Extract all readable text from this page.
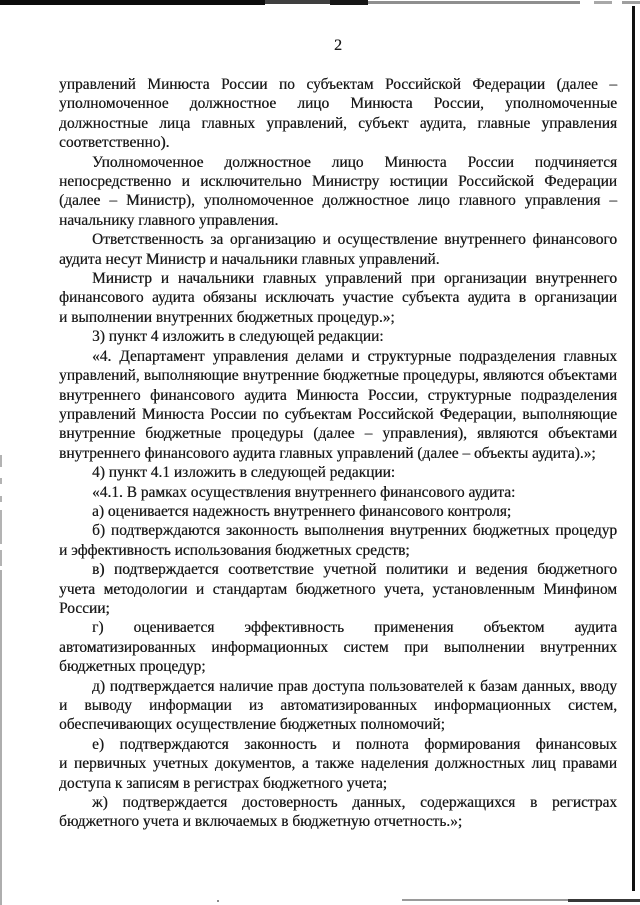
2
управлений Минюста России по субъектам Российской Федерации (далее –
уполномоченное должностное лицо Минюста России, уполномоченные
должностные лица главных управлений, субъект аудита, главные управления
соответственно).
Уполномоченное должностное лицо Минюста России подчиняется
непосредственно и исключительно Министру юстиции Российской Федерации
(далее – Министр), уполномоченное должностное лицо главного управления –
начальнику главного управления.
Ответственность за организацию и осуществление внутреннего финансового
аудита несут Министр и начальники главных управлений.
Министр и начальники главных управлений при организации внутреннего
финансового аудита обязаны исключать участие субъекта аудита в организации
и выполнении внутренних бюджетных процедур.»;
3) пункт 4 изложить в следующей редакции:
«4. Департамент управления делами и структурные подразделения главных
управлений, выполняющие внутренние бюджетные процедуры, являются объектами
внутреннего финансового аудита Минюста России, структурные подразделения
управлений Минюста России по субъектам Российской Федерации, выполняющие
внутренние бюджетные процедуры (далее – управления), являются объектами
внутреннего финансового аудита главных управлений (далее – объекты аудита).»;
4) пункт 4.1 изложить в следующей редакции:
«4.1. В рамках осуществления внутреннего финансового аудита:
а) оценивается надежность внутреннего финансового контроля;
б) подтверждаются законность выполнения внутренних бюджетных процедур
и эффективность использования бюджетных средств;
в) подтверждается соответствие учетной политики и ведения бюджетного
учета методологии и стандартам бюджетного учета, установленным Минфином
России;
г) оценивается эффективность применения объектом аудита
автоматизированных информационных систем при выполнении внутренних
бюджетных процедур;
д) подтверждается наличие прав доступа пользователей к базам данных, вводу
и выводу информации из автоматизированных информационных систем,
обеспечивающих осуществление бюджетных полномочий;
е) подтверждаются законность и полнота формирования финансовых
и первичных учетных документов, а также наделения должностных лиц правами
доступа к записям в регистрах бюджетного учета;
ж) подтверждается достоверность данных, содержащихся в регистрах
бюджетного учета и включаемых в бюджетную отчетность.»;
